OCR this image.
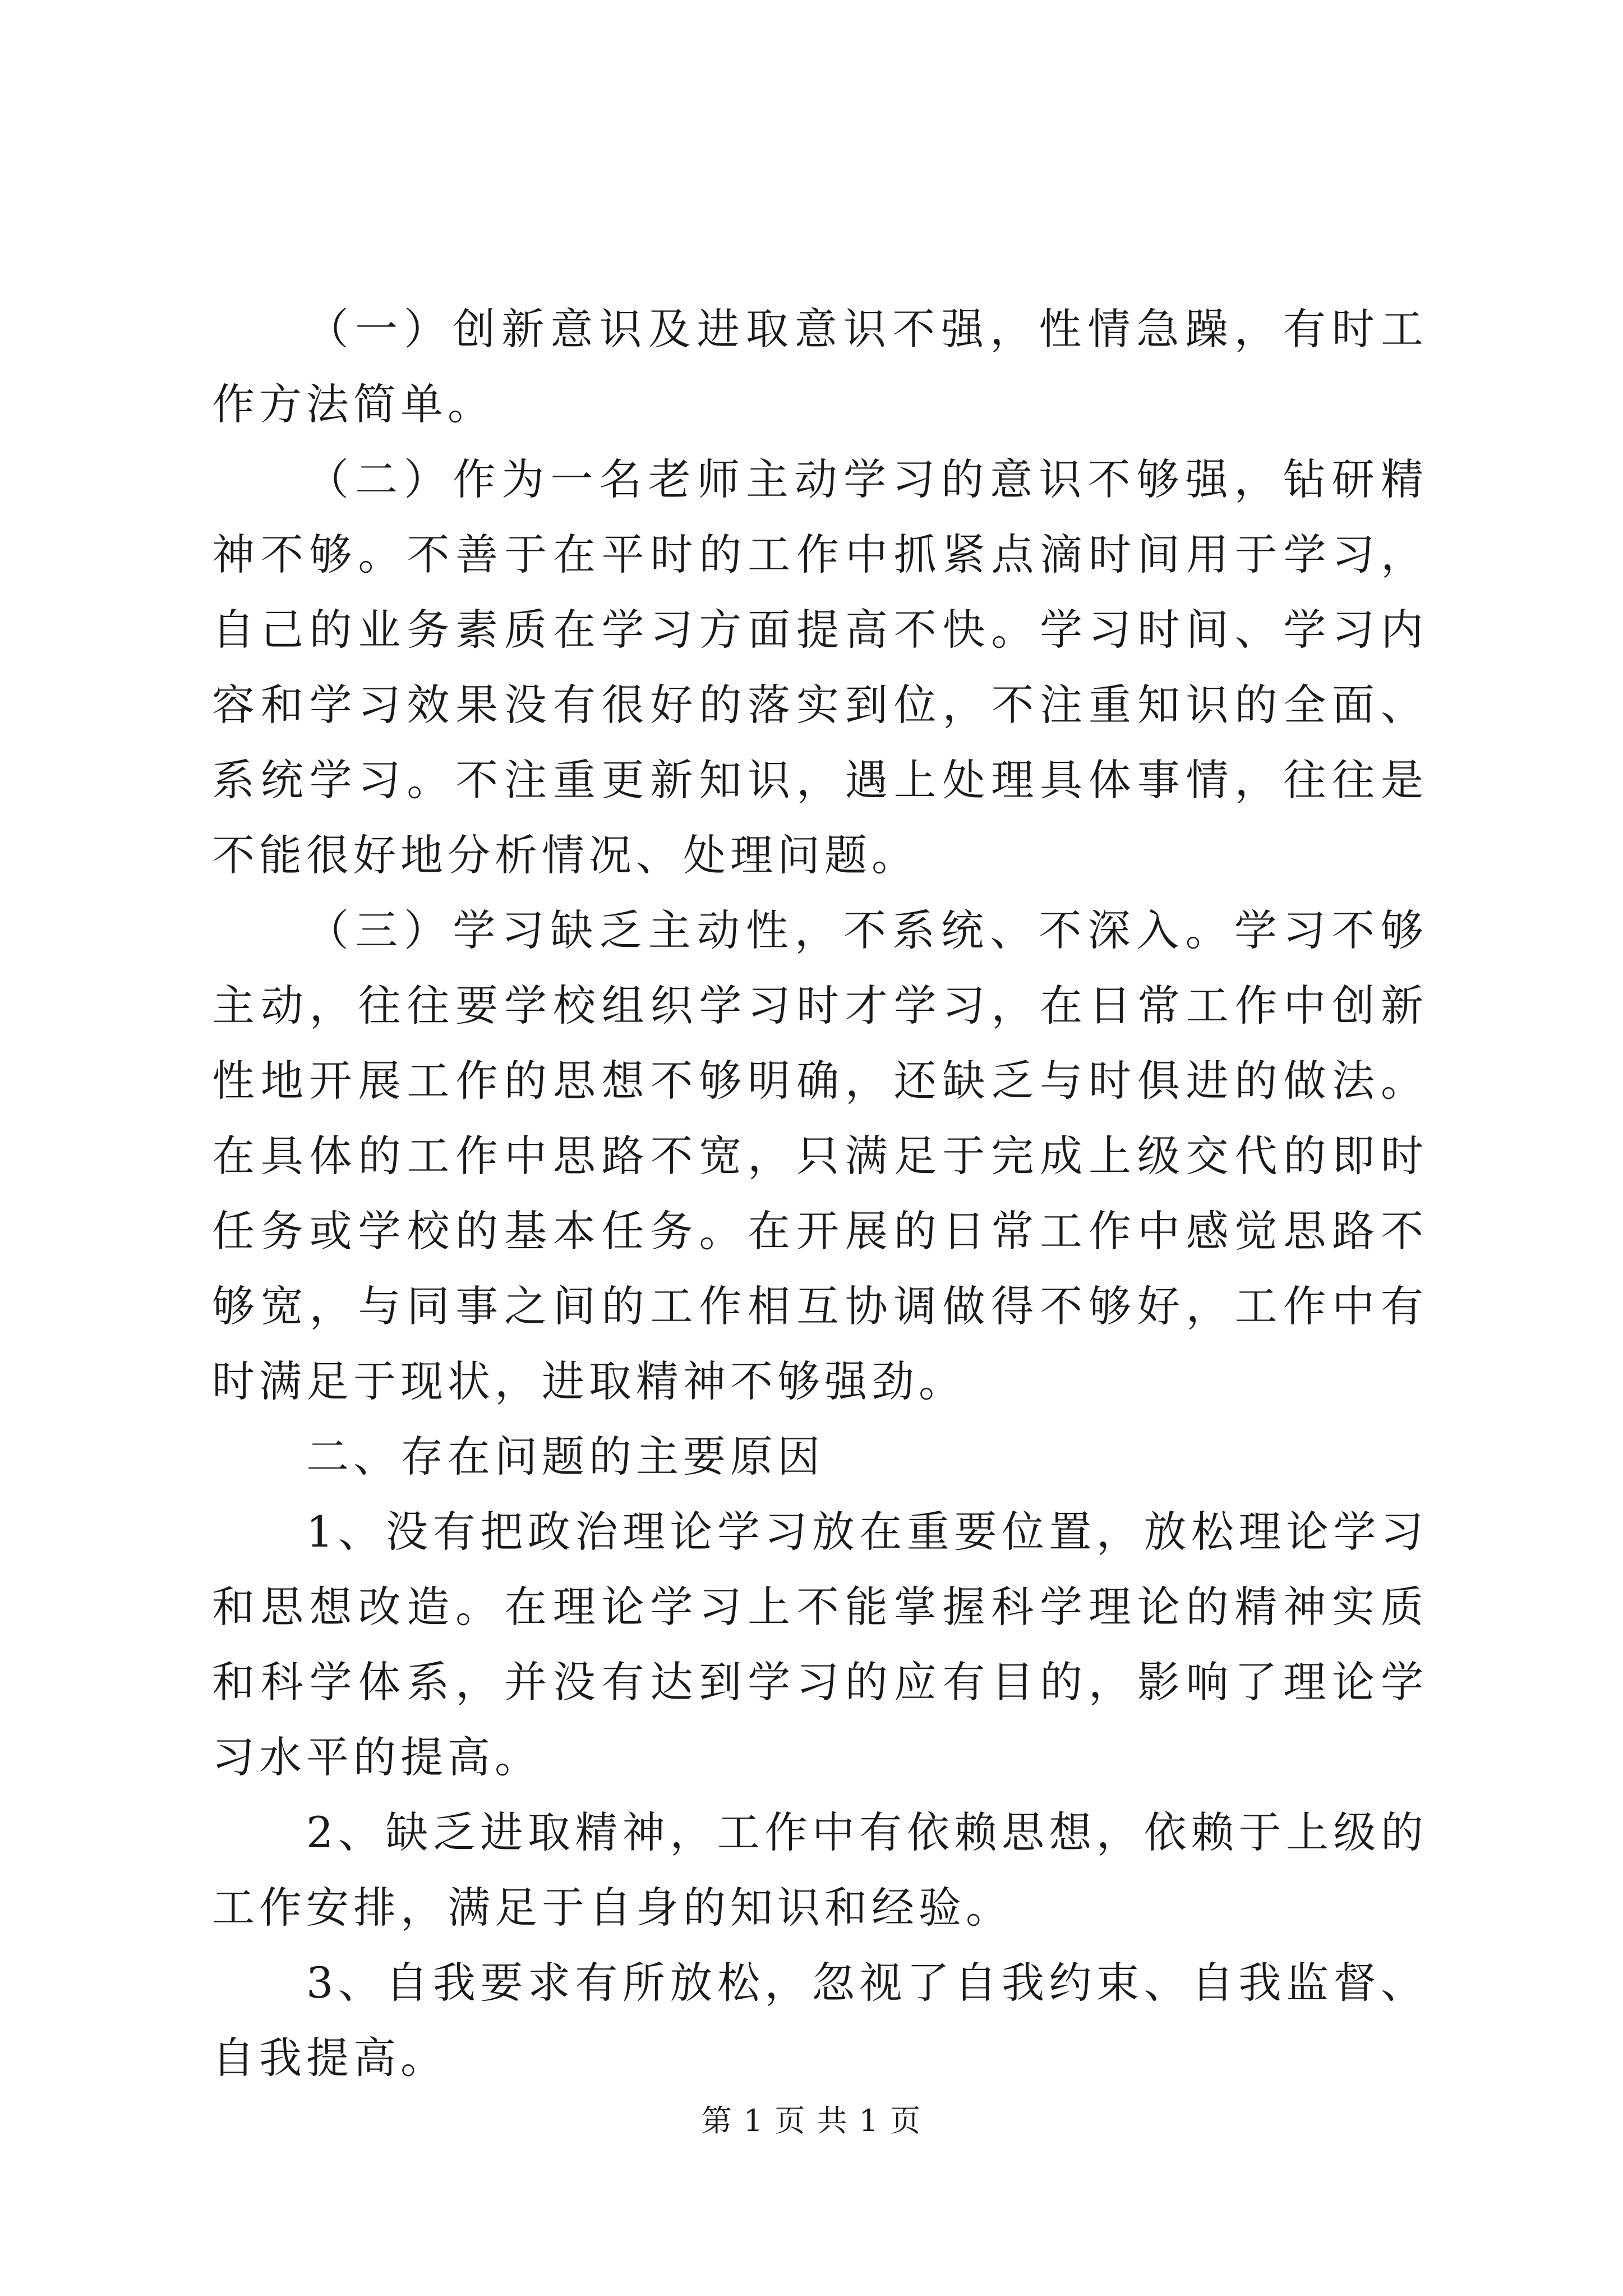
（一）创新意识及进取意识不强，性情急躁，有时工作方法简单。

（二）作为一名老师主动学习的意识不够强，钻研精神不够。不善于在平时的工作中抓紧点滴时间用于学习，自己的业务素质在学习方面提高不快。学习时间、学习内容和学习效果没有很好的落实到位，不注重知识的全面、系统学习。不注重更新知识，遇上处理具体事情，往往是不能很好地分析情况、处理问题。

（三）学习缺乏主动性，不系统、不深入。学习不够主动，往往要学校组织学习时才学习，在日常工作中创新性地开展工作的思想不够明确，还缺乏与时俱进的做法。在具体的工作中思路不宽，只满足于完成上级交代的即时任务或学校的基本任务。在开展的日常工作中感觉思路不够宽，与同事之间的工作相互协调做得不够好，工作中有时满足于现状，进取精神不够强劲。

二、存在问题的主要原因

1、没有把政治理论学习放在重要位置，放松理论学习和思想改造。在理论学习上不能掌握科学理论的精神实质和科学体系，并没有达到学习的应有目的，影响了理论学习水平的提高。

2、缺乏进取精神，工作中有依赖思想，依赖于上级的工作安排，满足于自身的知识和经验。

3、自我要求有所放松，忽视了自我约束、自我监督、自我提高。

第 1 页 共 1 页
